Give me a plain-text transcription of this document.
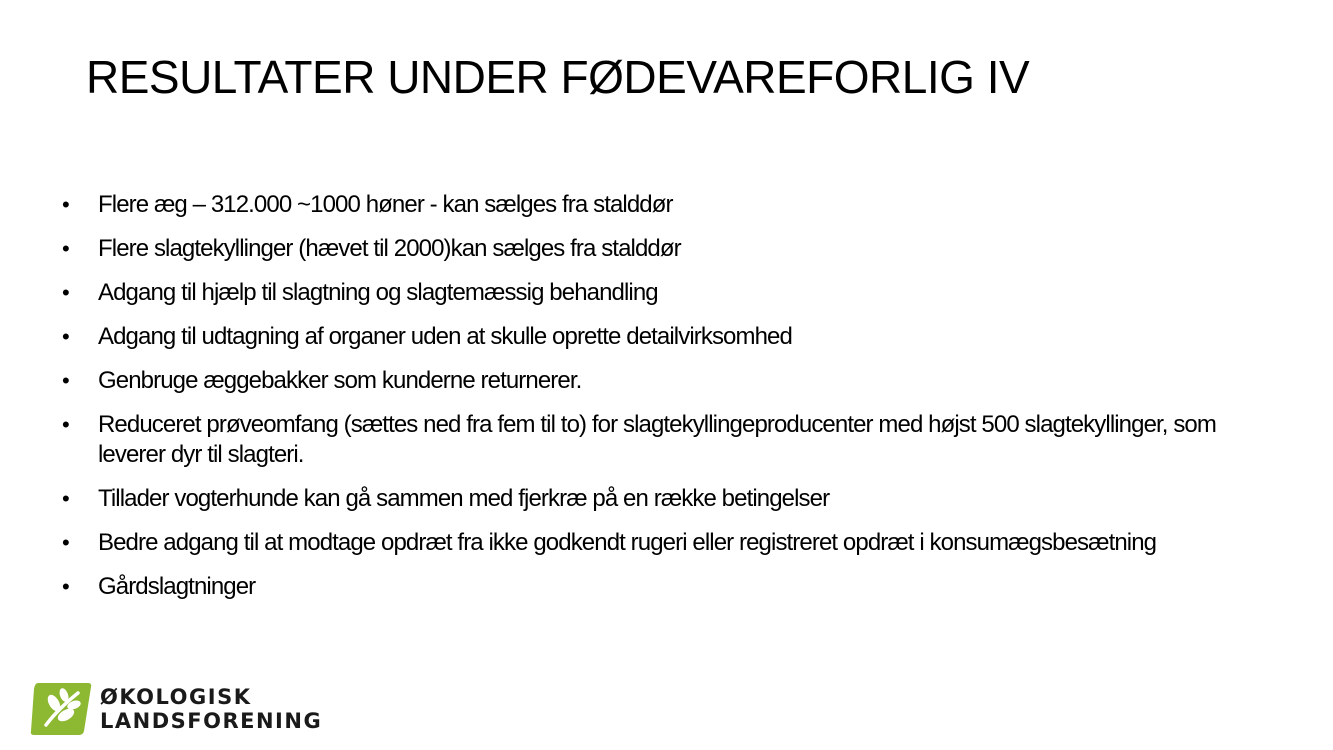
RESULTATER UNDER FØDEVAREFORLIG IV
•	Flere æg – 312.000 ~1000 høner - kan sælges fra stalddør
•	Flere slagtekyllinger (hævet til 2000)kan sælges fra stalddør
•	Adgang til hjælp til slagtning og slagtemæssig behandling
•	Adgang til udtagning af organer uden at skulle oprette detailvirksomhed
•	Genbruge æggebakker som kunderne returnerer.
•	Reduceret prøveomfang (sættes ned fra fem til to) for slagtekyllingeproducenter med højst 500 slagtekyllinger, som leverer dyr til slagteri.
•	Tillader vogterhunde kan gå sammen med fjerkræ på en række betingelser
•	Bedre adgang til at modtage opdræt fra ikke godkendt rugeri eller registreret opdræt i konsumægsbesætning
•	Gårdslagtninger
ØKOLOGISK
LANDSFORENING
